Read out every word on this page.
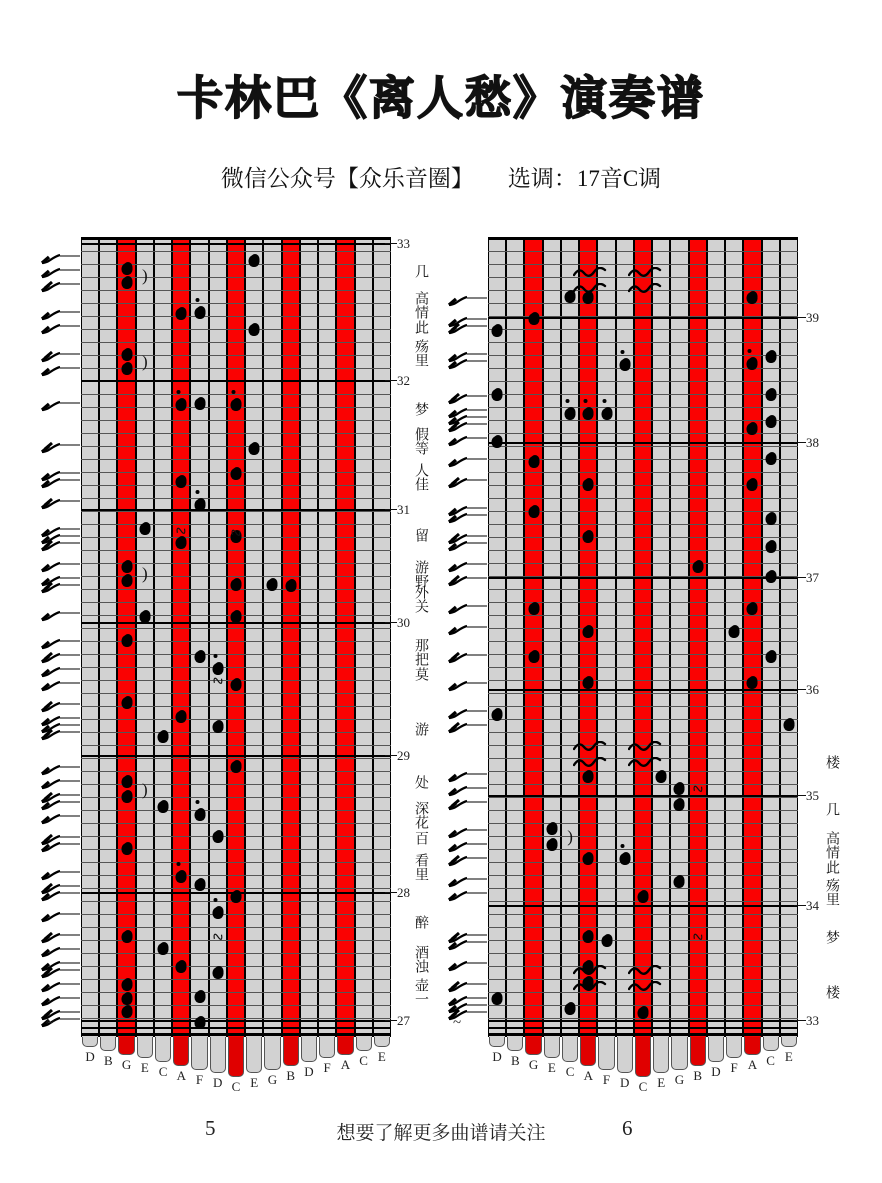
卡林巴《离人愁》演奏谱
微信公众号【众乐音圈】 选调：17音C调
~
D B G E C A F D C E G B D F A C E
)
)
)
)
∿ ∿
∿
∿
33
32
31
30
29
28
27
几
高情
此
殇里
梦
假等
人佳
留
游野
外关
那把
莫
游
处
深花
百
看里
醉
酒浊
壶一
~
D B G E C A F D C E G B D F A C E
)
∿
∿
39
38
37
36
35
34
33
楼
几
高情
此
殇里
梦
楼
5	想要了解更多曲谱请关注	6
